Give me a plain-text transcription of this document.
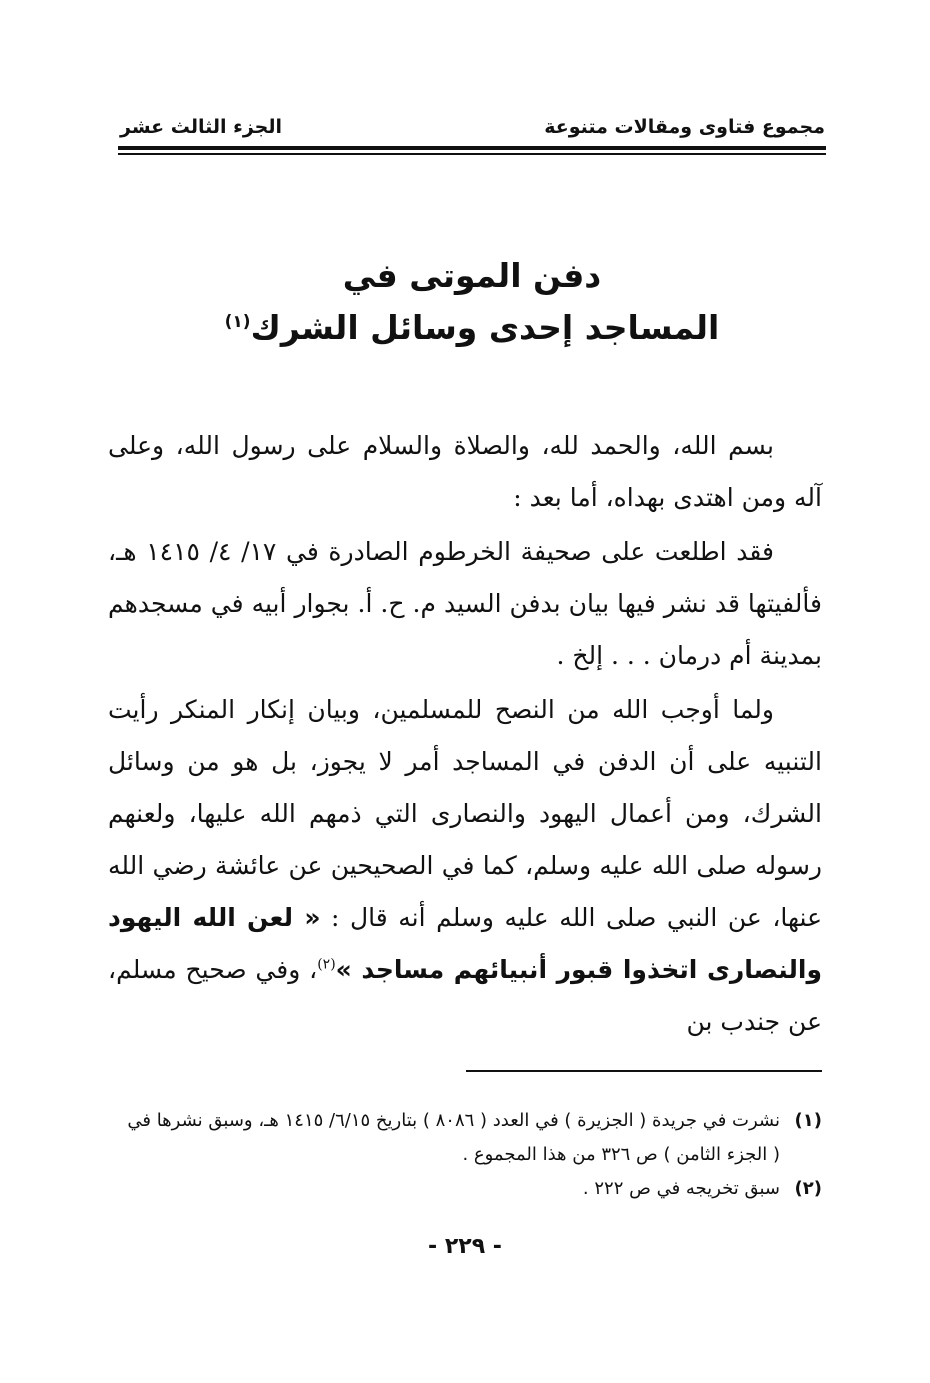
مجموع فتاوى ومقالات متنوعة
الجزء الثالث عشر
دفن الموتى في
المساجد إحدى وسائل الشرك$^{(١)}$

بسم الله، والحمد لله، والصلاة والسلام على رسول الله، وعلى آله ومن اهتدى بهداه، أما بعد :

فقد اطلعت على صحيفة الخرطوم الصادرة في ١٧/ ٤/ ١٤١٥ هـ، فألفيتها قد نشر فيها بيان بدفن السيد م. ح. أ. بجوار أبيه في مسجدهم بمدينة أم درمان . . . إلخ .

ولما أوجب الله من النصح للمسلمين، وبيان إنكار المنكر رأيت التنبيه على أن الدفن في المساجد أمر لا يجوز، بل هو من وسائل الشرك، ومن أعمال اليهود والنصارى التي ذمهم الله عليها، ولعنهم رسوله صلى الله عليه وسلم، كما في الصحيحين عن عائشة رضي الله عنها، عن النبي صلى الله عليه وسلم أنه قال : « لعن الله اليهود والنصارى اتخذوا قبور أنبيائهم مساجد »$^{(٢)}$، وفي صحيح مسلم، عن جندب بن

(١)
نشرت في جريدة ( الجزيرة ) في العدد ( ٨٠٨٦ ) بتاريخ ٦/١٥/ ١٤١٥ هـ، وسبق نشرها في ( الجزء الثامن ) ص ٣٢٦ من هذا المجموع .
(٢)
سبق تخريجه في ص ٢٢٢ .
- ٢٢٩ -
